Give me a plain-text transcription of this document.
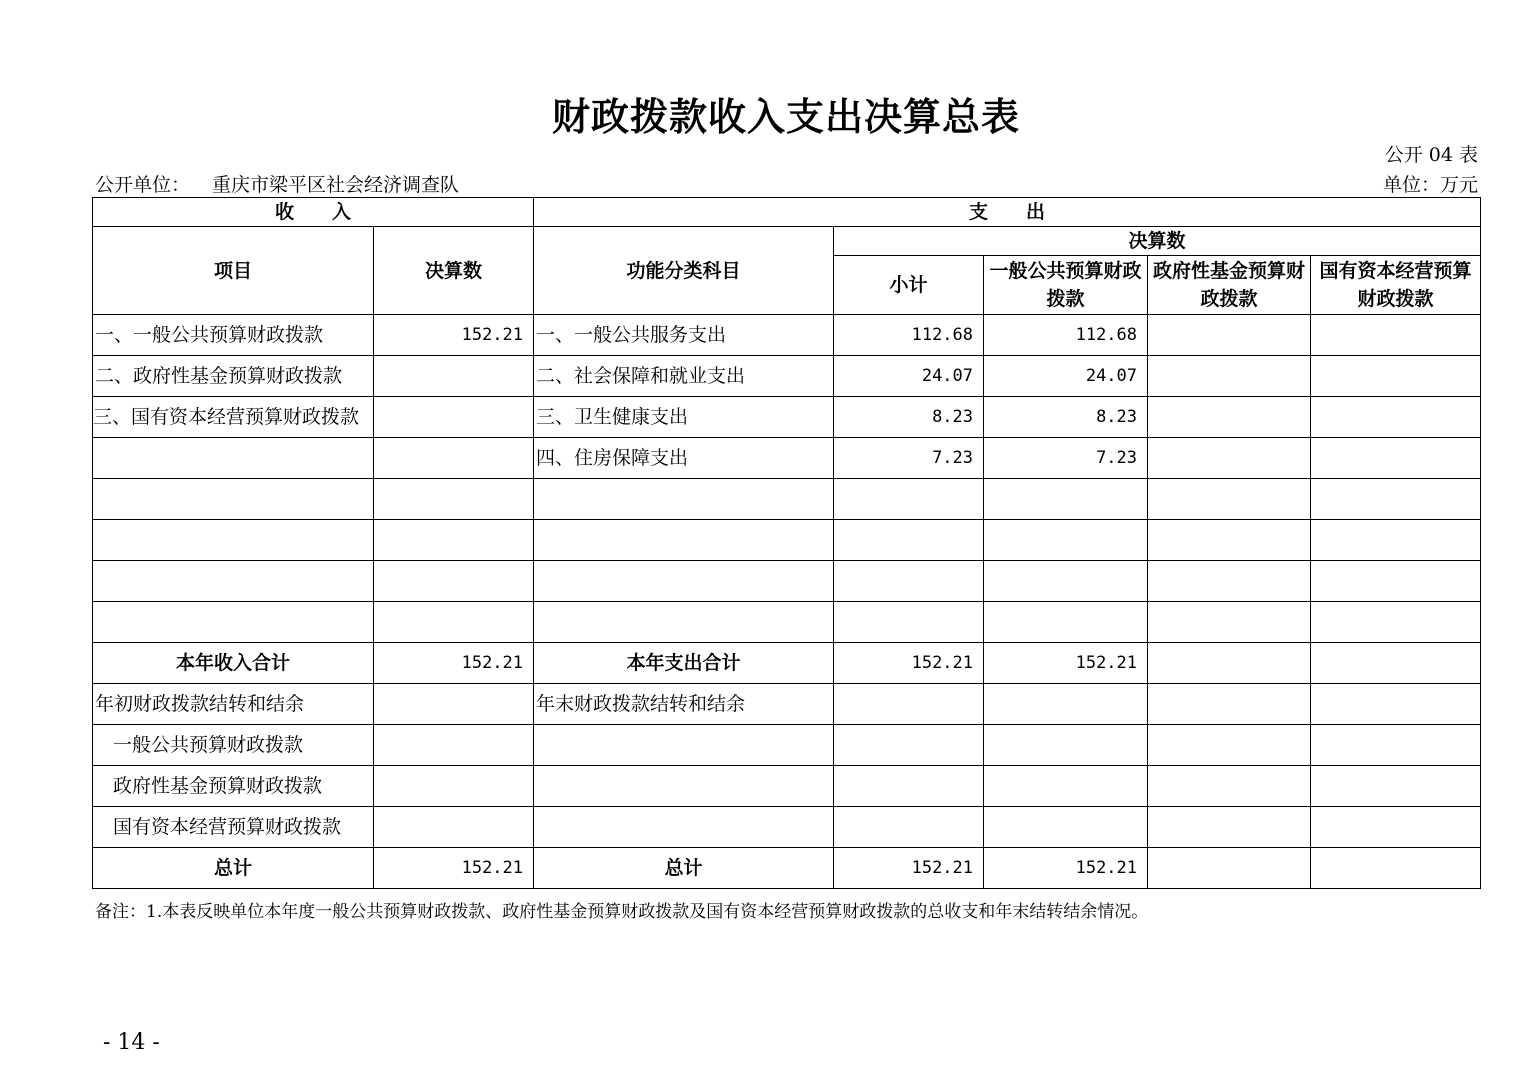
财政拨款收入支出决算总表
公开 04 表
公开单位： 重庆市梁平区社会经济调查队	单位：万元
收　　入		支　　出				
项目	决算数	功能分类科目	决算数			
			小计	一般公共预算财政拨款	政府性基金预算财政拨款	国有资本经营预算财政拨款
一、一般公共预算财政拨款	152.21	一、一般公共服务支出	112.68	112.68		
二、政府性基金预算财政拨款		二、社会保障和就业支出	24.07	24.07		
三、国有资本经营预算财政拨款		三、卫生健康支出	8.23	8.23		
		四、住房保障支出	7.23	7.23		

本年收入合计	152.21	本年支出合计	152.21	152.21		
年初财政拨款结转和结余		年末财政拨款结转和结余				
一般公共预算财政拨款						
政府性基金预算财政拨款						
国有资本经营预算财政拨款						
总计	152.21	总计	152.21	152.21		
备注：1.本表反映单位本年度一般公共预算财政拨款、政府性基金预算财政拨款及国有资本经营预算财政拨款的总收支和年末结转结余情况。
- 14 -
